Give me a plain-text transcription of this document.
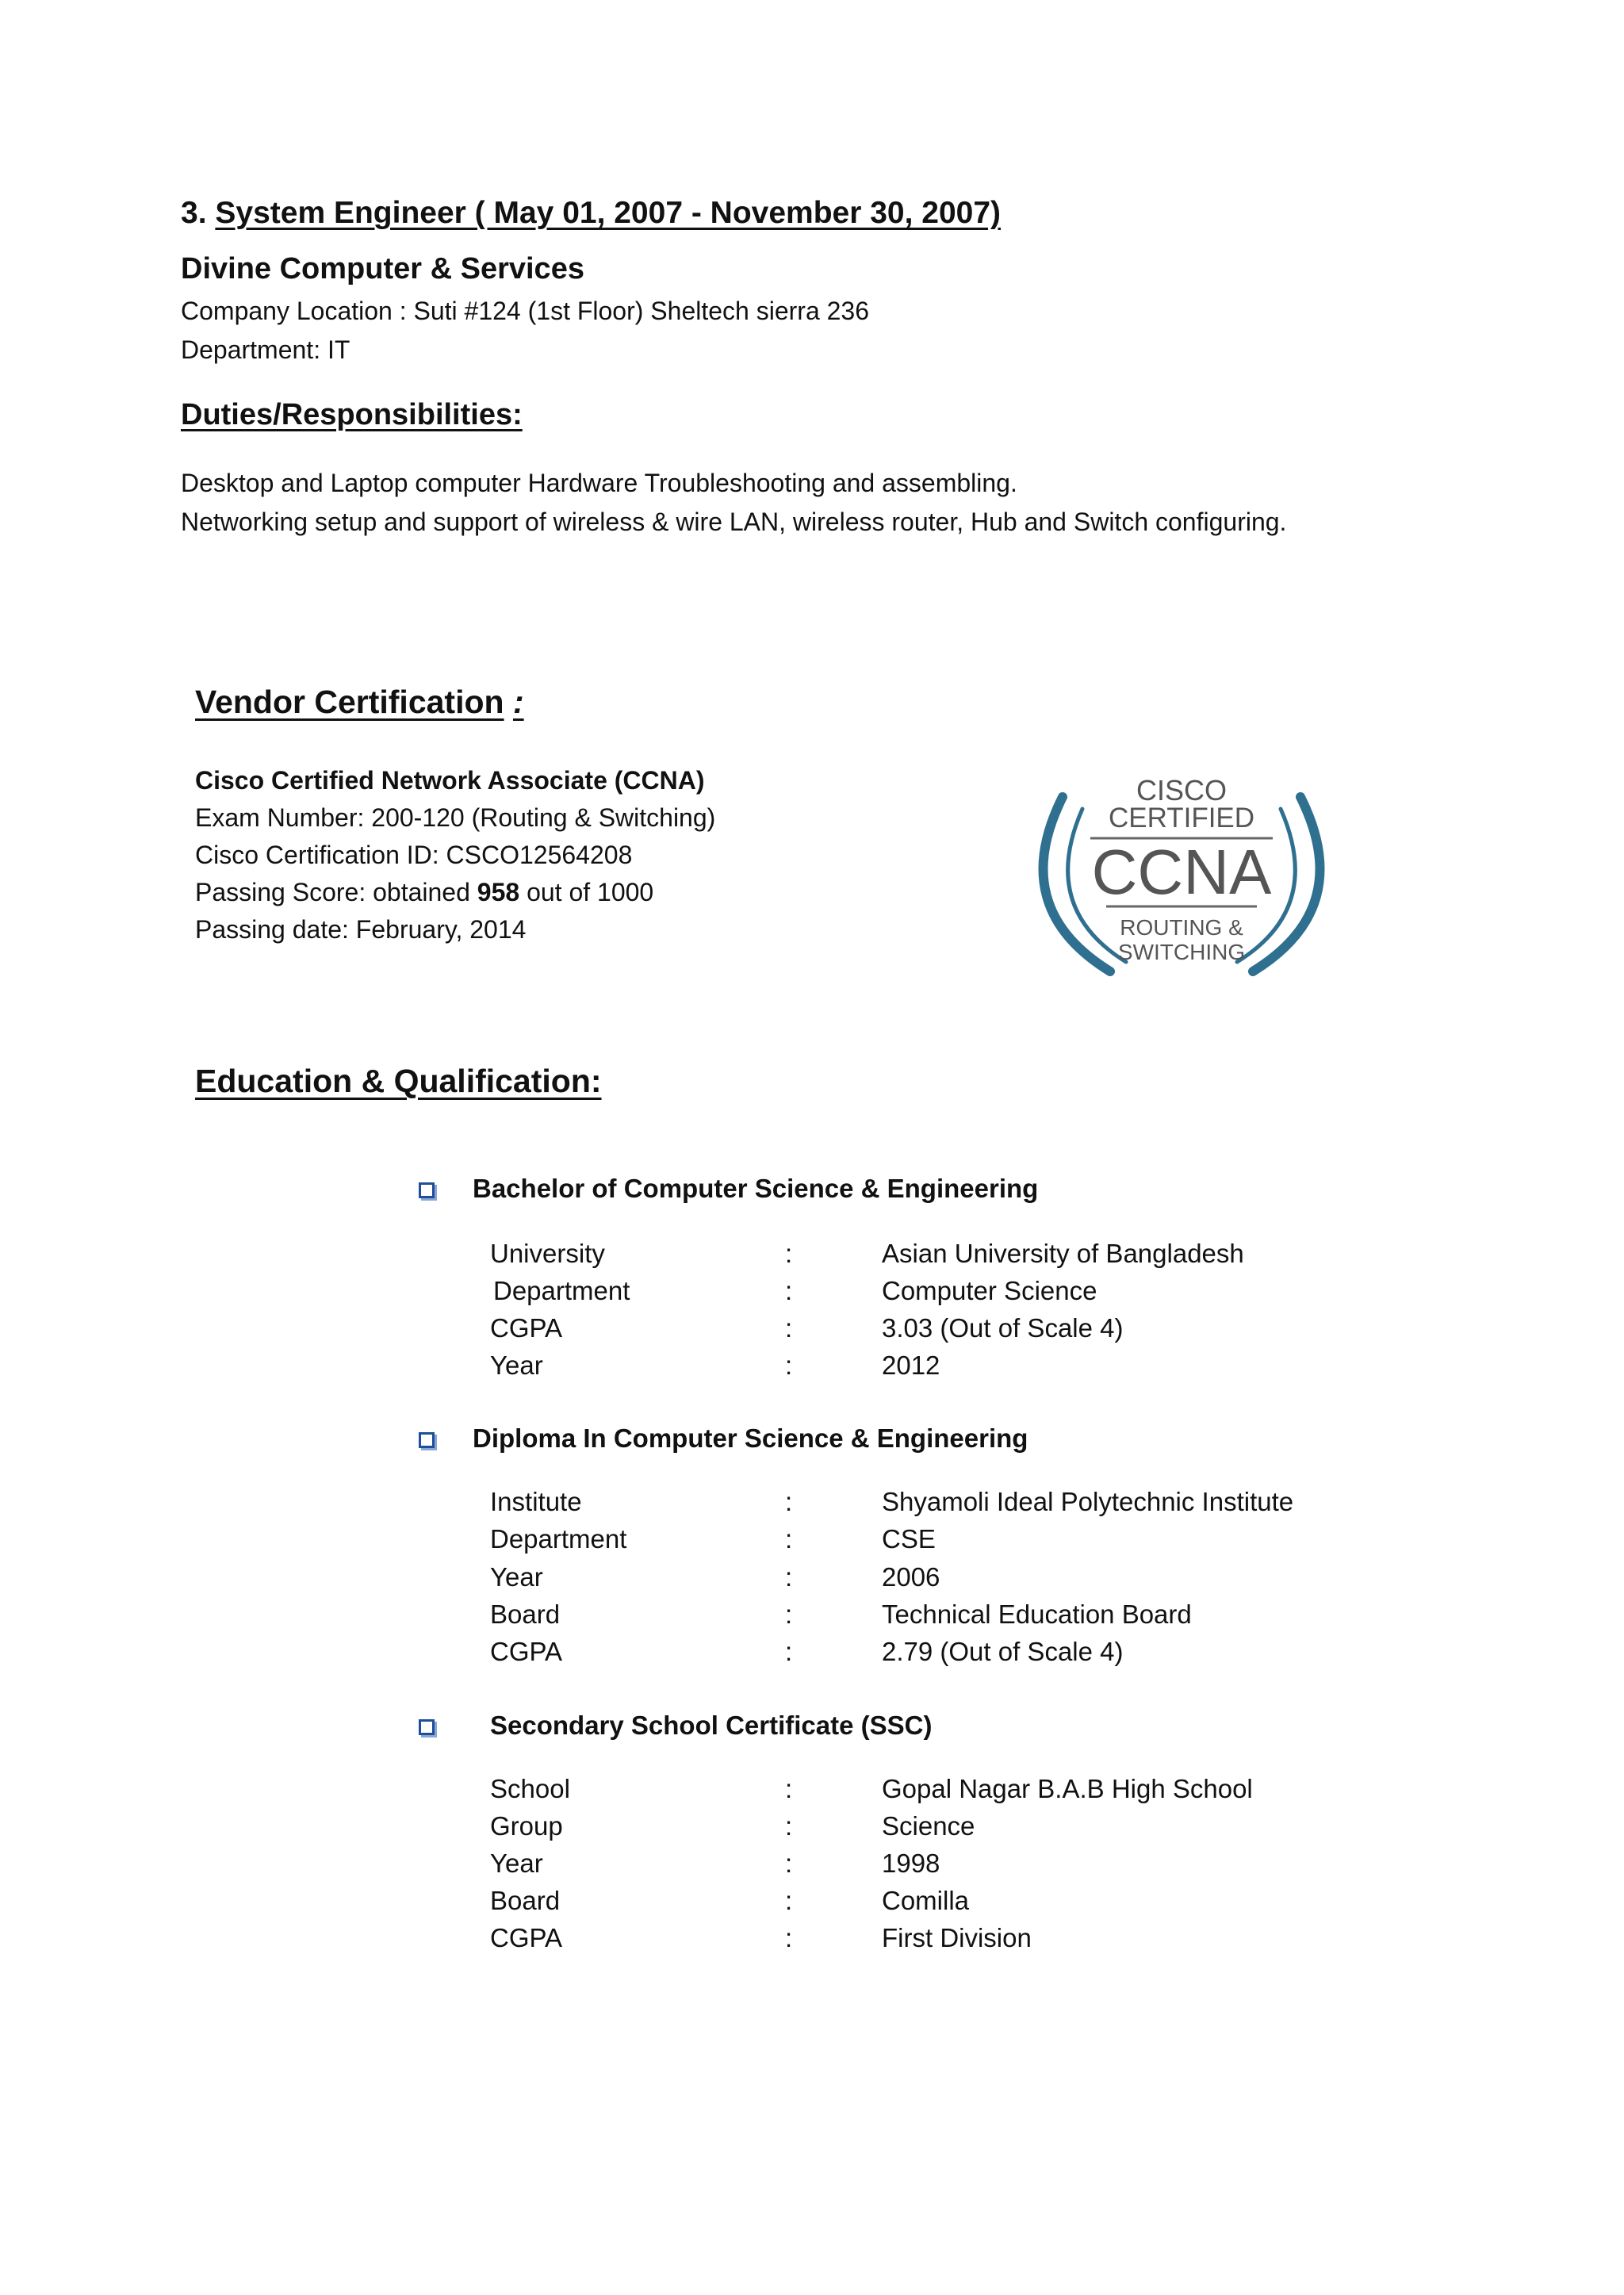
3. System Engineer ( May 01, 2007 - November 30, 2007)
Divine Computer & Services
Company Location : Suti #124 (1st Floor) Sheltech sierra 236
Department: IT
Duties/Responsibilities:
Desktop and Laptop computer Hardware Troubleshooting and assembling.
Networking setup and support of wireless & wire LAN, wireless router, Hub and Switch configuring.
Vendor Certification :
Cisco Certified Network Associate (CCNA)
Exam Number: 200-120 (Routing & Switching)
Cisco Certification ID: CSCO12564208
Passing Score: obtained 958 out of 1000
Passing date: February, 2014
CISCO
CERTIFIED
CCNA
ROUTING &
SWITCHING
Education & Qualification:
Bachelor of Computer Science & Engineering
University	:	Asian University of Bangladesh
Department	:	Computer Science
CGPA	:	3.03 (Out of Scale 4)
Year	:	2012
Diploma In Computer Science & Engineering
Institute	:	Shyamoli Ideal Polytechnic Institute
Department	:	CSE
Year	:	2006
Board	:	Technical Education Board
CGPA	:	2.79 (Out of Scale 4)
Secondary School Certificate (SSC)
School	:	Gopal Nagar B.A.B High School
Group	:	Science
Year	:	1998
Board	:	Comilla
CGPA	:	First Division
